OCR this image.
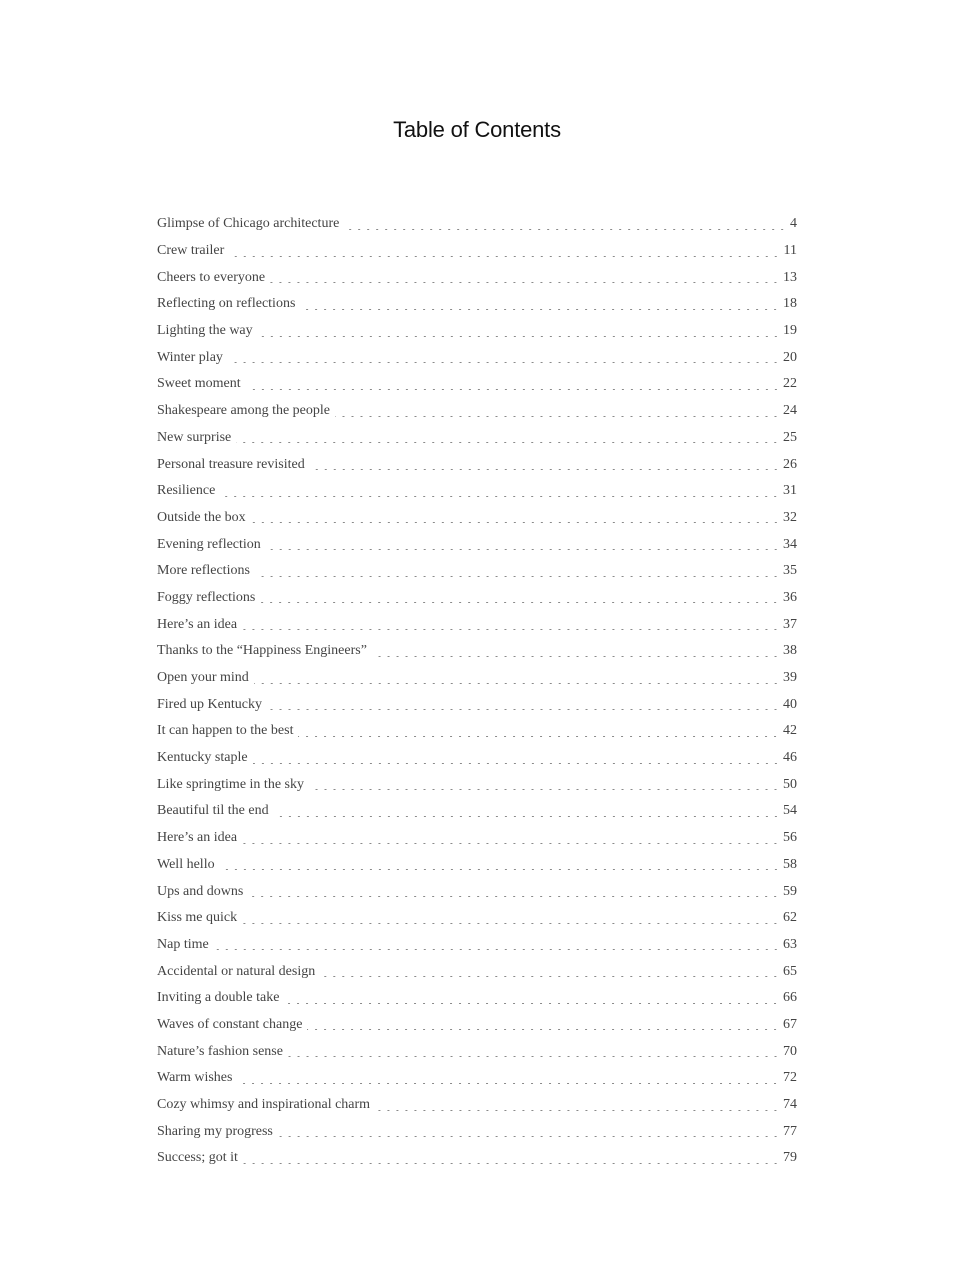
Table of Contents
Glimpse of Chicago architecture	4
Crew trailer	11
Cheers to everyone	13
Reflecting on reflections	18
Lighting the way	19
Winter play	20
Sweet moment	22
Shakespeare among the people	24
New surprise	25
Personal treasure revisited	26
Resilience	31
Outside the box	32
Evening reflection	34
More reflections	35
Foggy reflections	36
Here’s an idea	37
Thanks to the “Happiness Engineers”	38
Open your mind	39
Fired up Kentucky	40
It can happen to the best	42
Kentucky staple	46
Like springtime in the sky	50
Beautiful til the end	54
Here’s an idea	56
Well hello	58
Ups and downs	59
Kiss me quick	62
Nap time	63
Accidental or natural design	65
Inviting a double take	66
Waves of constant change	67
Nature’s fashion sense	70
Warm wishes	72
Cozy whimsy and inspirational charm	74
Sharing my progress	77
Success; got it	79
